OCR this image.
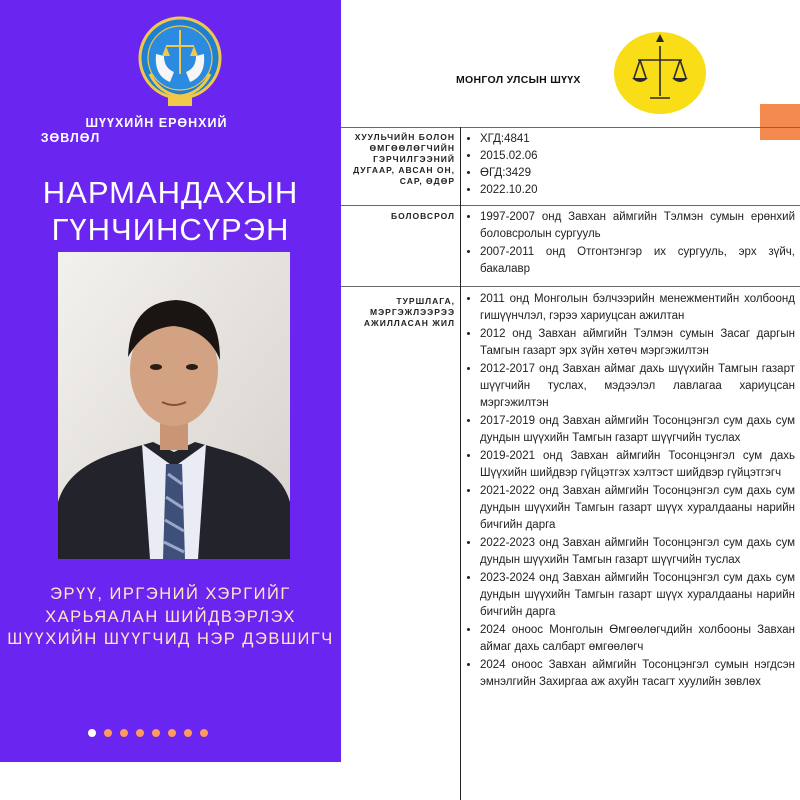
ШҮҮХИЙН ЕРӨНХИЙ
ЗӨВЛӨЛ
НАРМАНДАХЫН
ГҮНЧИНСҮРЭН
ЭРҮҮ, ИРГЭНИЙ ХЭРГИЙГ
ХАРЬЯАЛАН ШИЙДВЭРЛЭХ
ШҮҮХИЙН ШҮҮГЧИД НЭР ДЭВШИГЧ
МОНГОЛ УЛСЫН ШҮҮХ
ХУУЛЬЧИЙН БОЛОН
ӨМГӨӨЛӨГЧИЙН
ГЭРЧИЛГЭЭНИЙ
ДУГААР, АВСАН ОН,
САР, ӨДӨР
• ХГД:4841
• 2015.02.06
• ӨГД:3429
• 2022.10.20
БОЛОВСРОЛ
• 1997-2007 онд Завхан аймгийн Тэлмэн сумын ерөнхий боловсролын сургууль
• 2007-2011 онд Отгонтэнгэр их сургууль, эрх зүйч, бакалавр
ТУРШЛАГА,
МЭРГЭЖЛЭЭРЭЭ
АЖИЛЛАСАН ЖИЛ
• 2011 онд Монголын бэлчээрийн менежментийн холбоонд гишүүнчлэл, гэрээ хариуцсан ажилтан
• 2012 онд Завхан аймгийн Тэлмэн сумын Засаг даргын Тамгын газарт эрх зүйн хөтөч мэргэжилтэн
• 2012-2017 онд Завхан аймаг дахь шүүхийн Тамгын газарт шүүгчийн туслах, мэдээлэл лавлагаа хариуцсан мэргэжилтэн
• 2017-2019 онд Завхан аймгийн Тосонцэнгэл сум дахь сум дундын шүүхийн Тамгын газарт шүүгчийн туслах
• 2019-2021 онд Завхан аймгийн Тосонцэнгэл сум дахь Шүүхийн шийдвэр гүйцэтгэх хэлтэст шийдвэр гүйцэтгэгч
• 2021-2022 онд Завхан аймгийн Тосонцэнгэл сум дахь сум дундын шүүхийн Тамгын газарт шүүх хуралдааны нарийн бичгийн дарга
• 2022-2023 онд Завхан аймгийн Тосонцэнгэл сум дахь сум дундын шүүхийн Тамгын газарт шүүгчийн туслах
• 2023-2024 онд Завхан аймгийн Тосонцэнгэл сум дахь сум дундын шүүхийн Тамгын газарт шүүх хуралдааны нарийн бичгийн дарга
• 2024 оноос Монголын Өмгөөлөгчдийн холбооны Завхан аймаг дахь салбарт өмгөөлөгч
• 2024 оноос Завхан аймгийн Тосонцэнгэл сумын нэгдсэн эмнэлгийн Захиргаа аж ахуйн тасагт хуулийн зөвлөх
